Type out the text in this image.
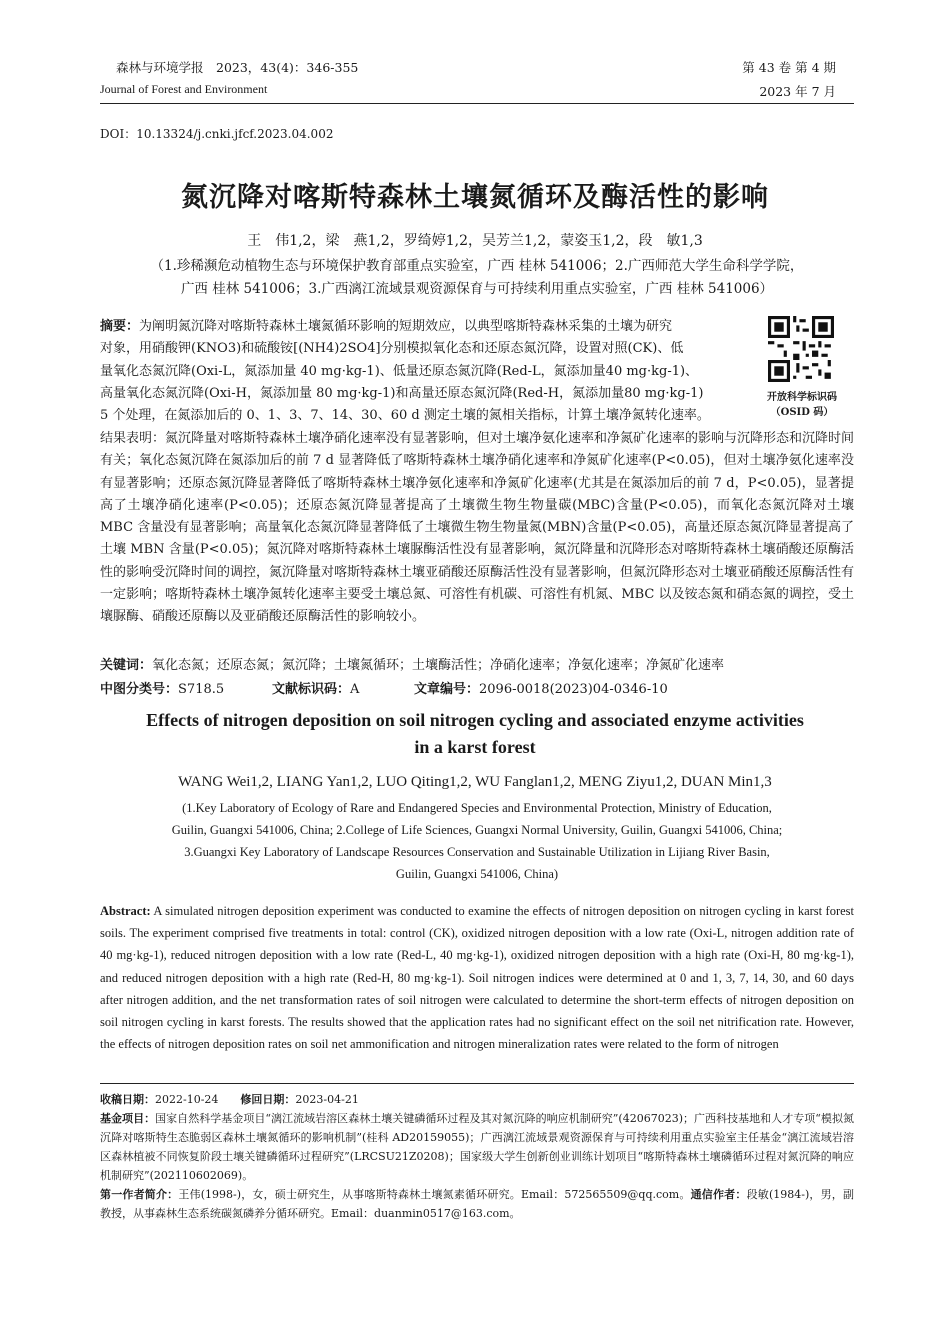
森林与环境学报　2023，43(4)：346-355
Journal of Forest and Environment
第 43 卷 第 4 期
2023 年 7 月
DOI：10.13324/j.cnki.jfcf.2023.04.002
氮沉降对喀斯特森林土壤氮循环及酶活性的影响
王　伟1,2，梁　燕1,2，罗绮婷1,2，吴芳兰1,2，蒙姿玉1,2，段　敏1,3
（1.珍稀濒危动植物生态与环境保护教育部重点实验室，广西 桂林 541006；2.广西师范大学生命科学学院，
广西 桂林 541006；3.广西漓江流域景观资源保育与可持续利用重点实验室，广西 桂林 541006）
开放科学标识码
（OSID 码）
摘要：为阐明氮沉降对喀斯特森林土壤氮循环影响的短期效应，以典型喀斯特森林采集的土壤为研究
对象，用硝酸钾(KNO3)和硫酸铵[(NH4)2SO4]分别模拟氧化态和还原态氮沉降，设置对照(CK)、低
量氧化态氮沉降(Oxi-L，氮添加量 40 mg·kg-1)、低量还原态氮沉降(Red-L，氮添加量40 mg·kg-1)、
高量氧化态氮沉降(Oxi-H，氮添加量 80 mg·kg-1)和高量还原态氮沉降(Red-H，氮添加量80 mg·kg-1)
5 个处理，在氮添加后的 0、1、3、7、14、30、60 d 测定土壤的氮相关指标，计算土壤净氮转化速率。
结果表明：氮沉降量对喀斯特森林土壤净硝化速率没有显著影响，但对土壤净氨化速率和净氮矿化速率的影响与沉降形态和沉降时间有关；氧化态氮沉降在氮添加后的前 7 d 显著降低了喀斯特森林土壤净硝化速率和净氮矿化速率(P<0.05)，但对土壤净氨化速率没有显著影响；还原态氮沉降显著降低了喀斯特森林土壤净氨化速率和净氮矿化速率(尤其是在氮添加后的前 7 d，P<0.05)，显著提高了土壤净硝化速率(P<0.05)；还原态氮沉降显著提高了土壤微生物生物量碳(MBC)含量(P<0.05)，而氧化态氮沉降对土壤 MBC 含量没有显著影响；高量氧化态氮沉降显著降低了土壤微生物生物量氮(MBN)含量(P<0.05)，高量还原态氮沉降显著提高了土壤 MBN 含量(P<0.05)；氮沉降对喀斯特森林土壤脲酶活性没有显著影响，氮沉降量和沉降形态对喀斯特森林土壤硝酸还原酶活性的影响受沉降时间的调控，氮沉降量对喀斯特森林土壤亚硝酸还原酶活性没有显著影响，但氮沉降形态对土壤亚硝酸还原酶活性有一定影响；喀斯特森林土壤净氮转化速率主要受土壤总氮、可溶性有机碳、可溶性有机氮、MBC 以及铵态氮和硝态氮的调控，受土壤脲酶、硝酸还原酶以及亚硝酸还原酶活性的影响较小。
关键词：氧化态氮；还原态氮；氮沉降；土壤氮循环；土壤酶活性；净硝化速率；净氨化速率；净氮矿化速率
中图分类号：S718.5	文献标识码：A	文章编号：2096-0018(2023)04-0346-10
Effects of nitrogen deposition on soil nitrogen cycling and associated enzyme activities
in a karst forest
WANG Wei1,2, LIANG Yan1,2, LUO Qiting1,2, WU Fanglan1,2, MENG Ziyu1,2, DUAN Min1,3
(1.Key Laboratory of Ecology of Rare and Endangered Species and Environmental Protection, Ministry of Education,
Guilin, Guangxi 541006, China; 2.College of Life Sciences, Guangxi Normal University, Guilin, Guangxi 541006, China;
3.Guangxi Key Laboratory of Landscape Resources Conservation and Sustainable Utilization in Lijiang River Basin,
Guilin, Guangxi 541006, China)
Abstract: A simulated nitrogen deposition experiment was conducted to examine the effects of nitrogen deposition on nitrogen cycling in karst forest soils. The experiment comprised five treatments in total: control (CK), oxidized nitrogen deposition with a low rate (Oxi-L, nitrogen addition rate of 40 mg·kg-1), reduced nitrogen deposition with a low rate (Red-L, 40 mg·kg-1), oxidized nitrogen deposition with a high rate (Oxi-H, 80 mg·kg-1), and reduced nitrogen deposition with a high rate (Red-H, 80 mg·kg-1). Soil nitrogen indices were determined at 0 and 1, 3, 7, 14, 30, and 60 days after nitrogen addition, and the net transformation rates of soil nitrogen were calculated to determine the short-term effects of nitrogen deposition on soil nitrogen cycling in karst forests. The results showed that the application rates had no significant effect on the soil net nitrification rate. However, the effects of nitrogen deposition rates on soil net ammonification and nitrogen mineralization rates were related to the form of nitrogen
收稿日期：2022-10-24　　 修回日期：2023-04-21
基金项目：国家自然科学基金项目“漓江流域岩溶区森林土壤关键磷循环过程及其对氮沉降的响应机制研究”(42067023)；广西科技基地和人才专项“模拟氮沉降对喀斯特生态脆弱区森林土壤氮循环的影响机制”(桂科 AD20159055)；广西漓江流域景观资源保育与可持续利用重点实验室主任基金“漓江流域岩溶区森林植被不同恢复阶段土壤关键磷循环过程研究”(LRCSU21Z0208)；国家级大学生创新创业训练计划项目“喀斯特森林土壤磷循环过程对氮沉降的响应机制研究”(202110602069)。
第一作者简介：王伟(1998-)，女，硕士研究生，从事喀斯特森林土壤氮素循环研究。Email：572565509@qq.com。通信作者：段敏(1984-)，男，副教授，从事森林生态系统碳氮磷养分循环研究。Email：duanmin0517@163.com。
